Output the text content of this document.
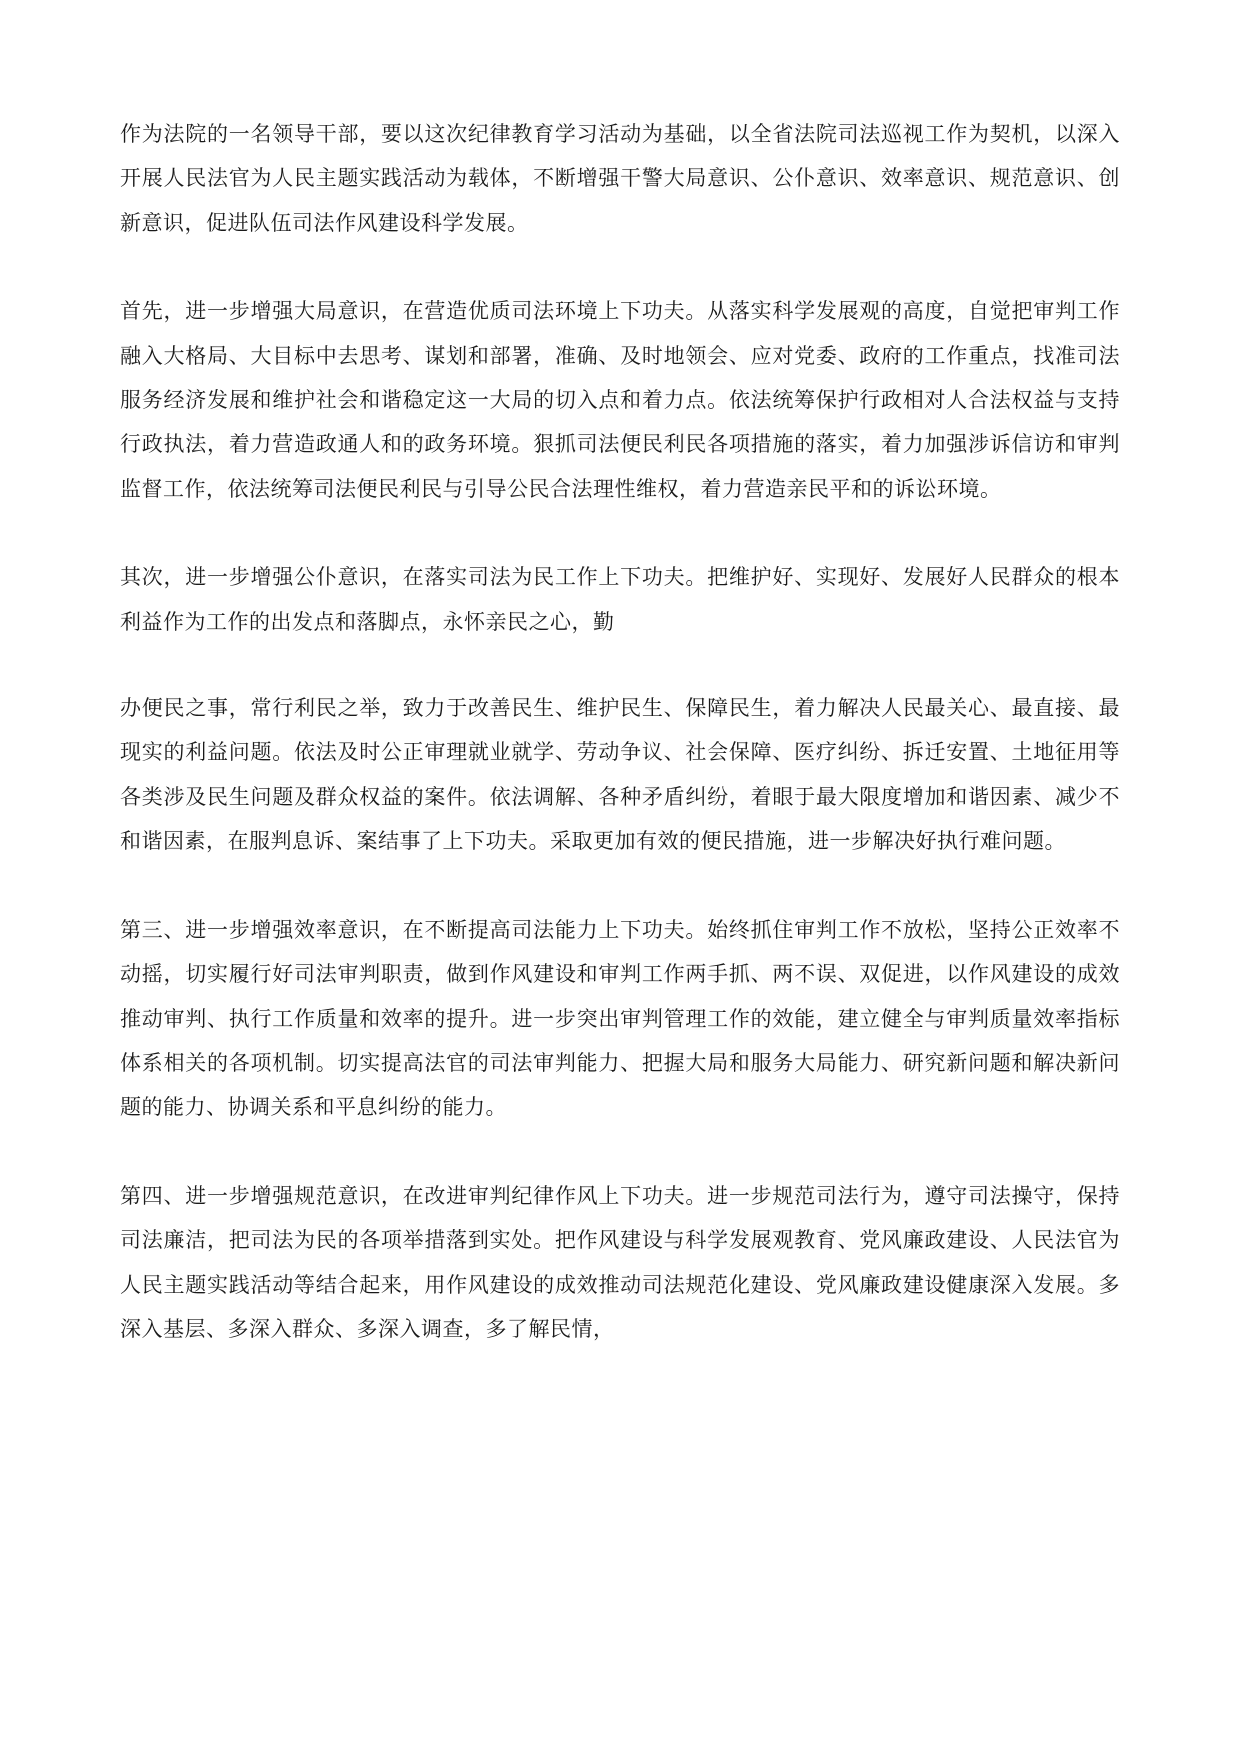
作为法院的一名领导干部，要以这次纪律教育学习活动为基础，以全省法院司法巡视工作为契机，以深入开展人民法官为人民主题实践活动为载体，不断增强干警大局意识、公仆意识、效率意识、规范意识、创新意识，促进队伍司法作风建设科学发展。

首先，进一步增强大局意识，在营造优质司法环境上下功夫。从落实科学发展观的高度，自觉把审判工作融入大格局、大目标中去思考、谋划和部署，准确、及时地领会、应对党委、政府的工作重点，找准司法服务经济发展和维护社会和谐稳定这一大局的切入点和着力点。依法统筹保护行政相对人合法权益与支持行政执法，着力营造政通人和的政务环境。狠抓司法便民利民各项措施的落实，着力加强涉诉信访和审判监督工作，依法统筹司法便民利民与引导公民合法理性维权，着力营造亲民平和的诉讼环境。

其次，进一步增强公仆意识，在落实司法为民工作上下功夫。把维护好、实现好、发展好人民群众的根本利益作为工作的出发点和落脚点，永怀亲民之心，勤

办便民之事，常行利民之举，致力于改善民生、维护民生、保障民生，着力解决人民最关心、最直接、最现实的利益问题。依法及时公正审理就业就学、劳动争议、社会保障、医疗纠纷、拆迁安置、土地征用等各类涉及民生问题及群众权益的案件。依法调解、各种矛盾纠纷，着眼于最大限度增加和谐因素、减少不和谐因素，在服判息诉、案结事了上下功夫。采取更加有效的便民措施，进一步解决好执行难问题。

第三、进一步增强效率意识，在不断提高司法能力上下功夫。始终抓住审判工作不放松，坚持公正效率不动摇，切实履行好司法审判职责，做到作风建设和审判工作两手抓、两不误、双促进，以作风建设的成效推动审判、执行工作质量和效率的提升。进一步突出审判管理工作的效能，建立健全与审判质量效率指标体系相关的各项机制。切实提高法官的司法审判能力、把握大局和服务大局能力、研究新问题和解决新问题的能力、协调关系和平息纠纷的能力。

第四、进一步增强规范意识，在改进审判纪律作风上下功夫。进一步规范司法行为，遵守司法操守，保持司法廉洁，把司法为民的各项举措落到实处。把作风建设与科学发展观教育、党风廉政建设、人民法官为人民主题实践活动等结合起来，用作风建设的成效推动司法规范化建设、党风廉政建设健康深入发展。多深入基层、多深入群众、多深入调查，多了解民情，
